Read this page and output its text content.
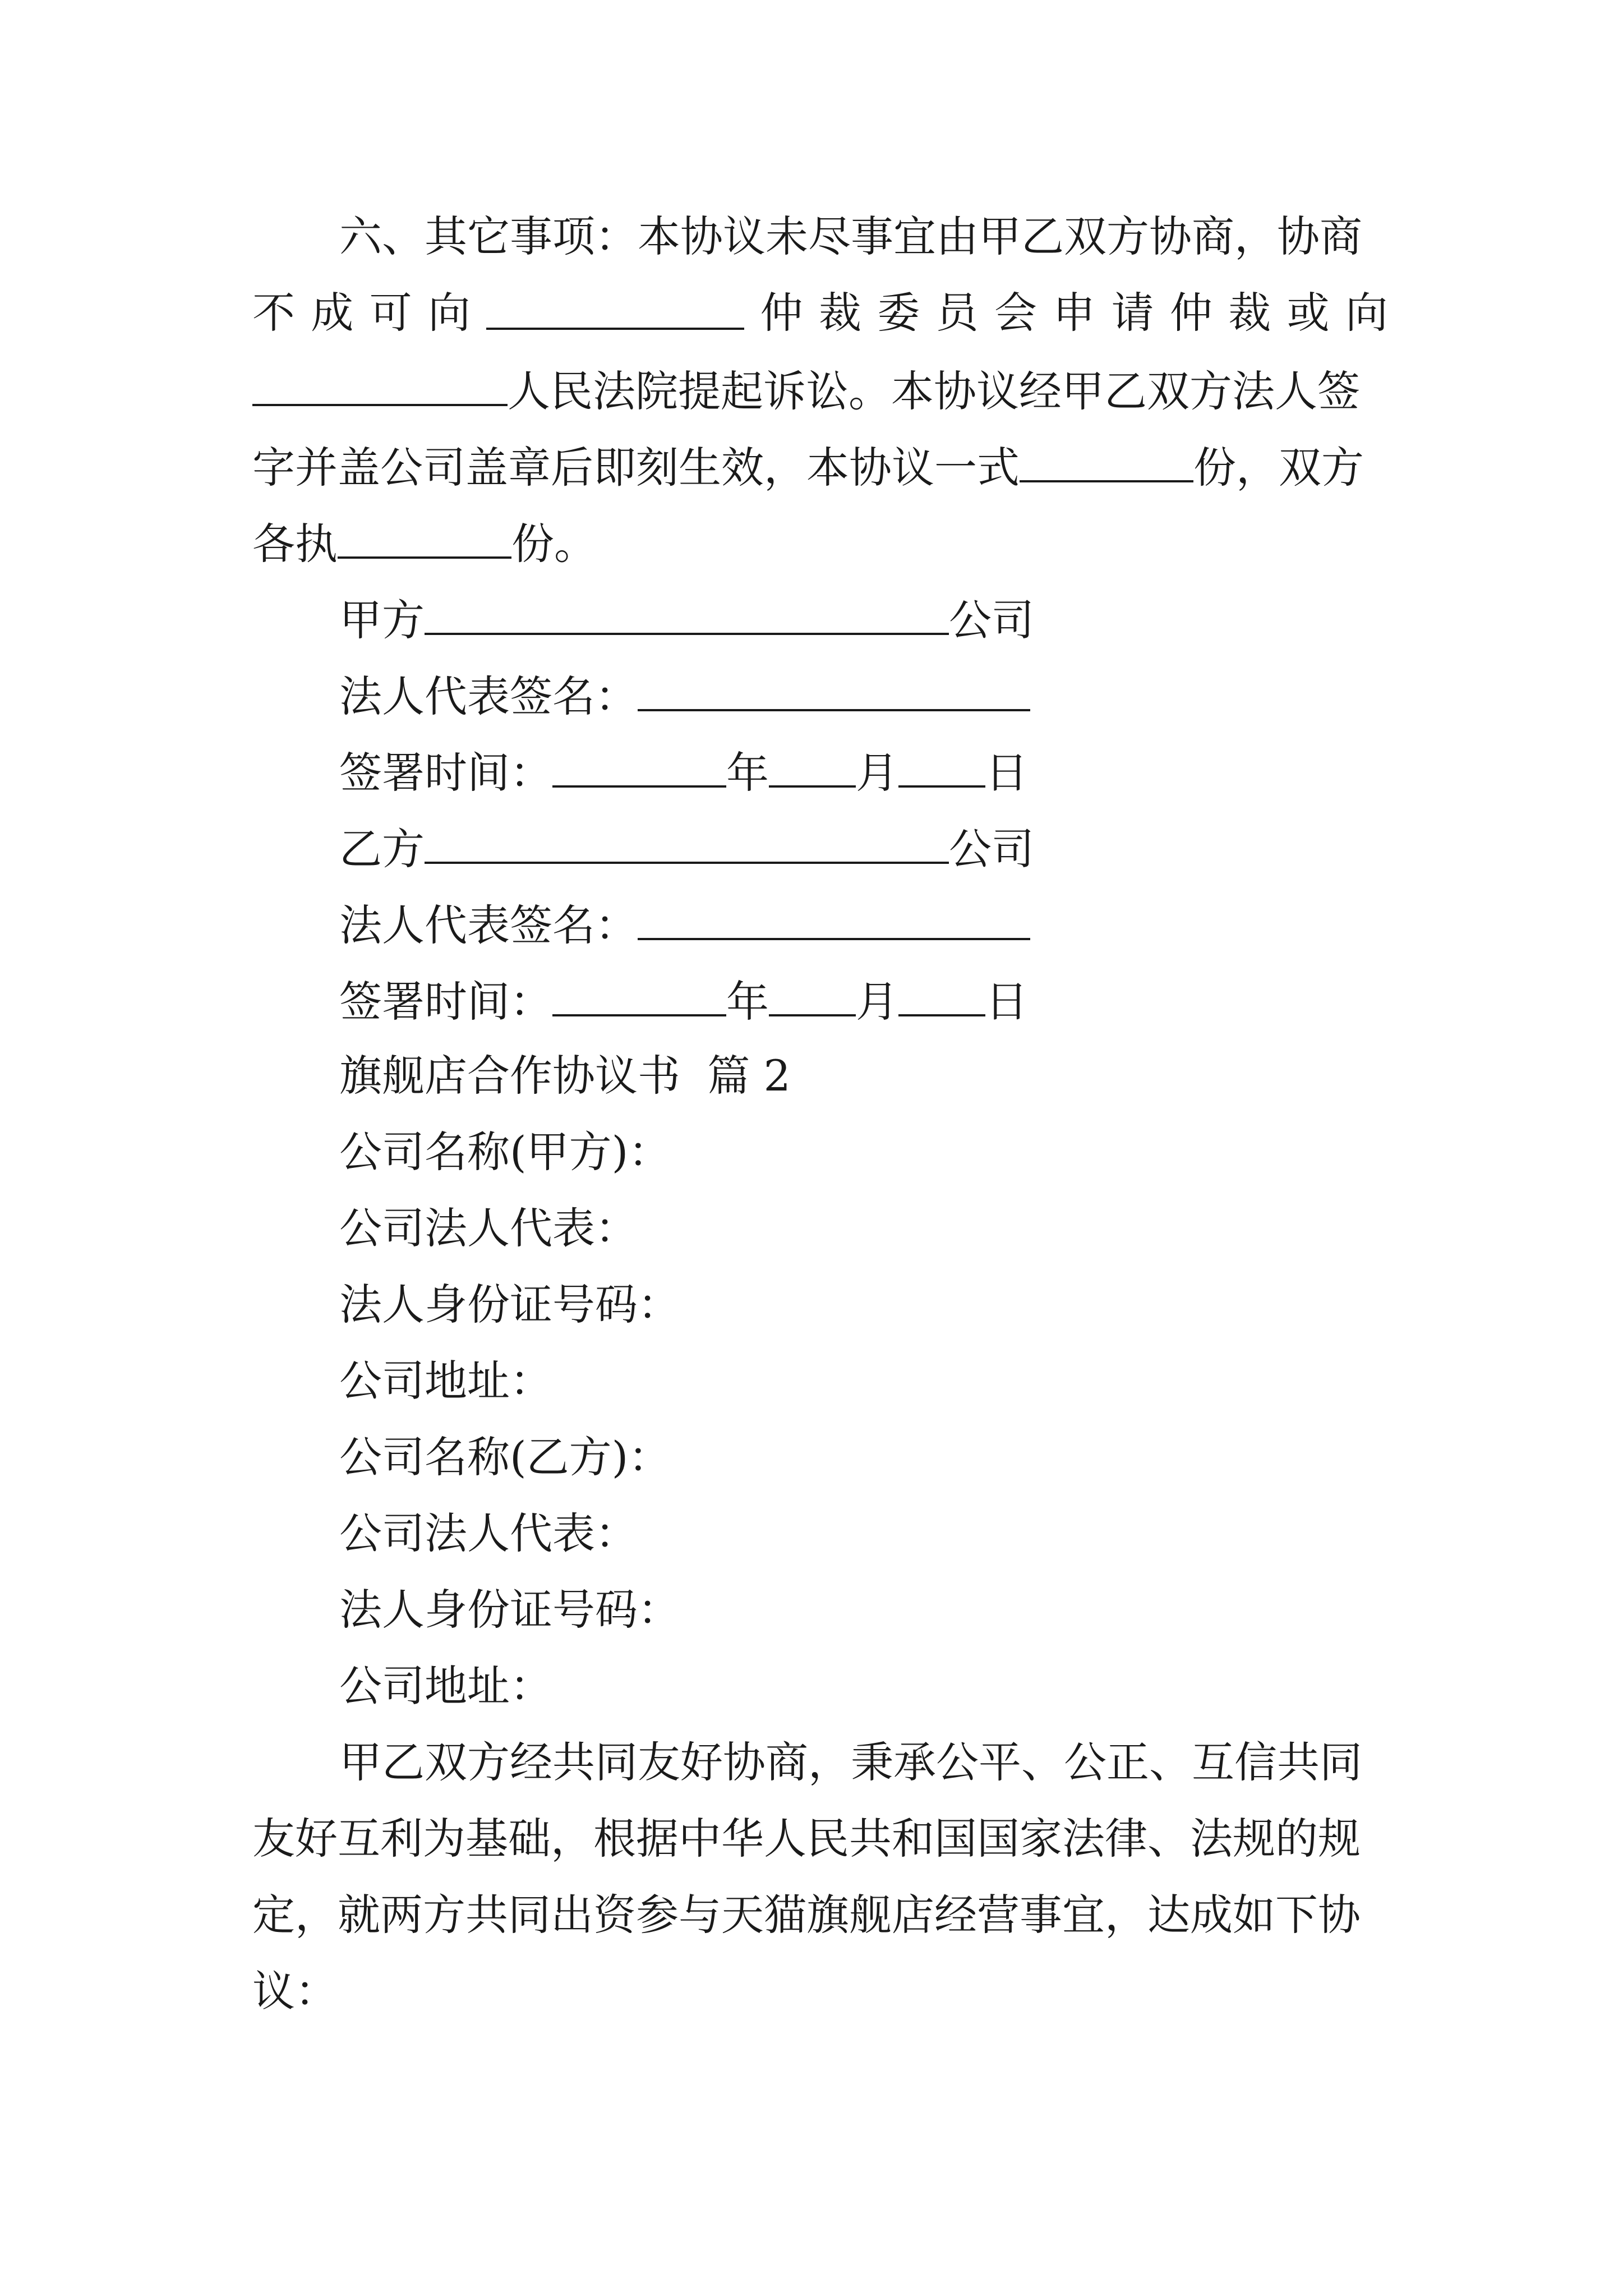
六、其它事项：本协议未尽事宜由甲乙双方协商，协商
不 成 可 向	仲 裁 委 员 会 申 请 仲 裁 或 向
人民法院提起诉讼。本协议经甲乙双方法人签
字并盖公司盖章后即刻生效，本协议一式	份，双方
各执	份。
甲方	公司
法人代表签名：
签署时间：	年 月 日
乙方	公司
法人代表签名：
签署时间：	年 月 日
旗舰店合作协议书  篇 2
公司名称(甲方)：
公司法人代表：
法人身份证号码：
公司地址：
公司名称(乙方)：
公司法人代表：
法人身份证号码：
公司地址：
甲乙双方经共同友好协商，秉承公平、公正、互信共同
友好互利为基础，根据中华人民共和国国家法律、法规的规
定，就两方共同出资参与天猫旗舰店经营事宜，达成如下协
议：
